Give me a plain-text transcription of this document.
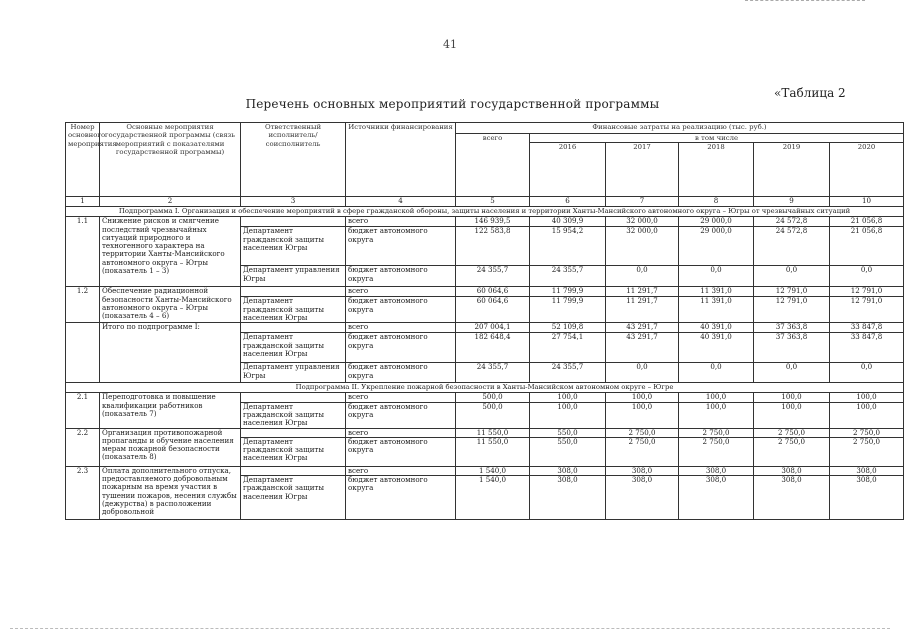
41
«Таблица 2
Перечень основных мероприятий государственной программы
Номер основного мероприятия	Основные мероприятия государственной программы (связь мероприятий с показателями государственной программы)	Ответственный исполнитель/соисполнитель	Источники финансирования	Финансовые затраты на реализацию (тыс. руб.)					
				всего	в том числе				
					2016	2017	2018	2019	2020
1	2	3	4	5	6	7	8	9	10
Подпрограмма I. Организация и обеспечение мероприятий в сфере гражданской обороны, защиты населения и территории Ханты-Мансийского автономного округа – Югры от чрезвычайных ситуаций									
1.1	Снижение рисков и смягчение последствий чрезвычайных ситуаций природного и техногенного характера на территории Ханты-Мансийского автономного округа – Югры (показатель 1 – 3)		всего	146 939,5	40 309,9	32 000,0	29 000,0	24 572,8	21 056,8
		Департамент гражданской защиты населения Югры	бюджет автономного округа	122 583,8	15 954,2	32 000,0	29 000,0	24 572,8	21 056,8
		Департамент управления Югры	бюджет автономного округа	24 355,7	24 355,7	0,0	0,0	0,0	0,0
1.2	Обеспечение радиационной безопасности Ханты-Мансийского автономного округа – Югры (показатель 4 – 6)		всего	60 064,6	11 799,9	11 291,7	11 391,0	12 791,0	12 791,0
		Департамент гражданской защиты населения Югры	бюджет автономного округа	60 064,6	11 799,9	11 291,7	11 391,0	12 791,0	12 791,0
	Итого по подпрограмме I:		всего	207 004,1	52 109,8	43 291,7	40 391,0	37 363,8	33 847,8
		Департамент гражданской защиты населения Югры	бюджет автономного округа	182 648,4	27 754,1	43 291,7	40 391,0	37 363,8	33 847,8
		Департамент управления Югры	бюджет автономного округа	24 355,7	24 355,7	0,0	0,0	0,0	0,0
Подпрограмма II. Укрепление пожарной безопасности в Ханты-Мансийском автономном округе – Югре									
2.1	Переподготовка и повышение квалификации работников (показатель 7)		всего	500,0	100,0	100,0	100,0	100,0	100,0
		Департамент гражданской защиты населения Югры	бюджет автономного округа	500,0	100,0	100,0	100,0	100,0	100,0
2.2	Организация противопожарной пропаганды и обучение населения мерам пожарной безопасности (показатель 8)		всего	11 550,0	550,0	2 750,0	2 750,0	2 750,0	2 750,0
		Департамент гражданской защиты населения Югры	бюджет автономного округа	11 550,0	550,0	2 750,0	2 750,0	2 750,0	2 750,0
2.3	Оплата дополнительного отпуска, предоставляемого добровольным пожарным на время участия в тушении пожаров, несения службы (дежурства) в расположении добровольной		всего	1 540,0	308,0	308,0	308,0	308,0	308,0
		Департамент гражданской защиты населения Югры	бюджет автономного округа	1 540,0	308,0	308,0	308,0	308,0	308,0
